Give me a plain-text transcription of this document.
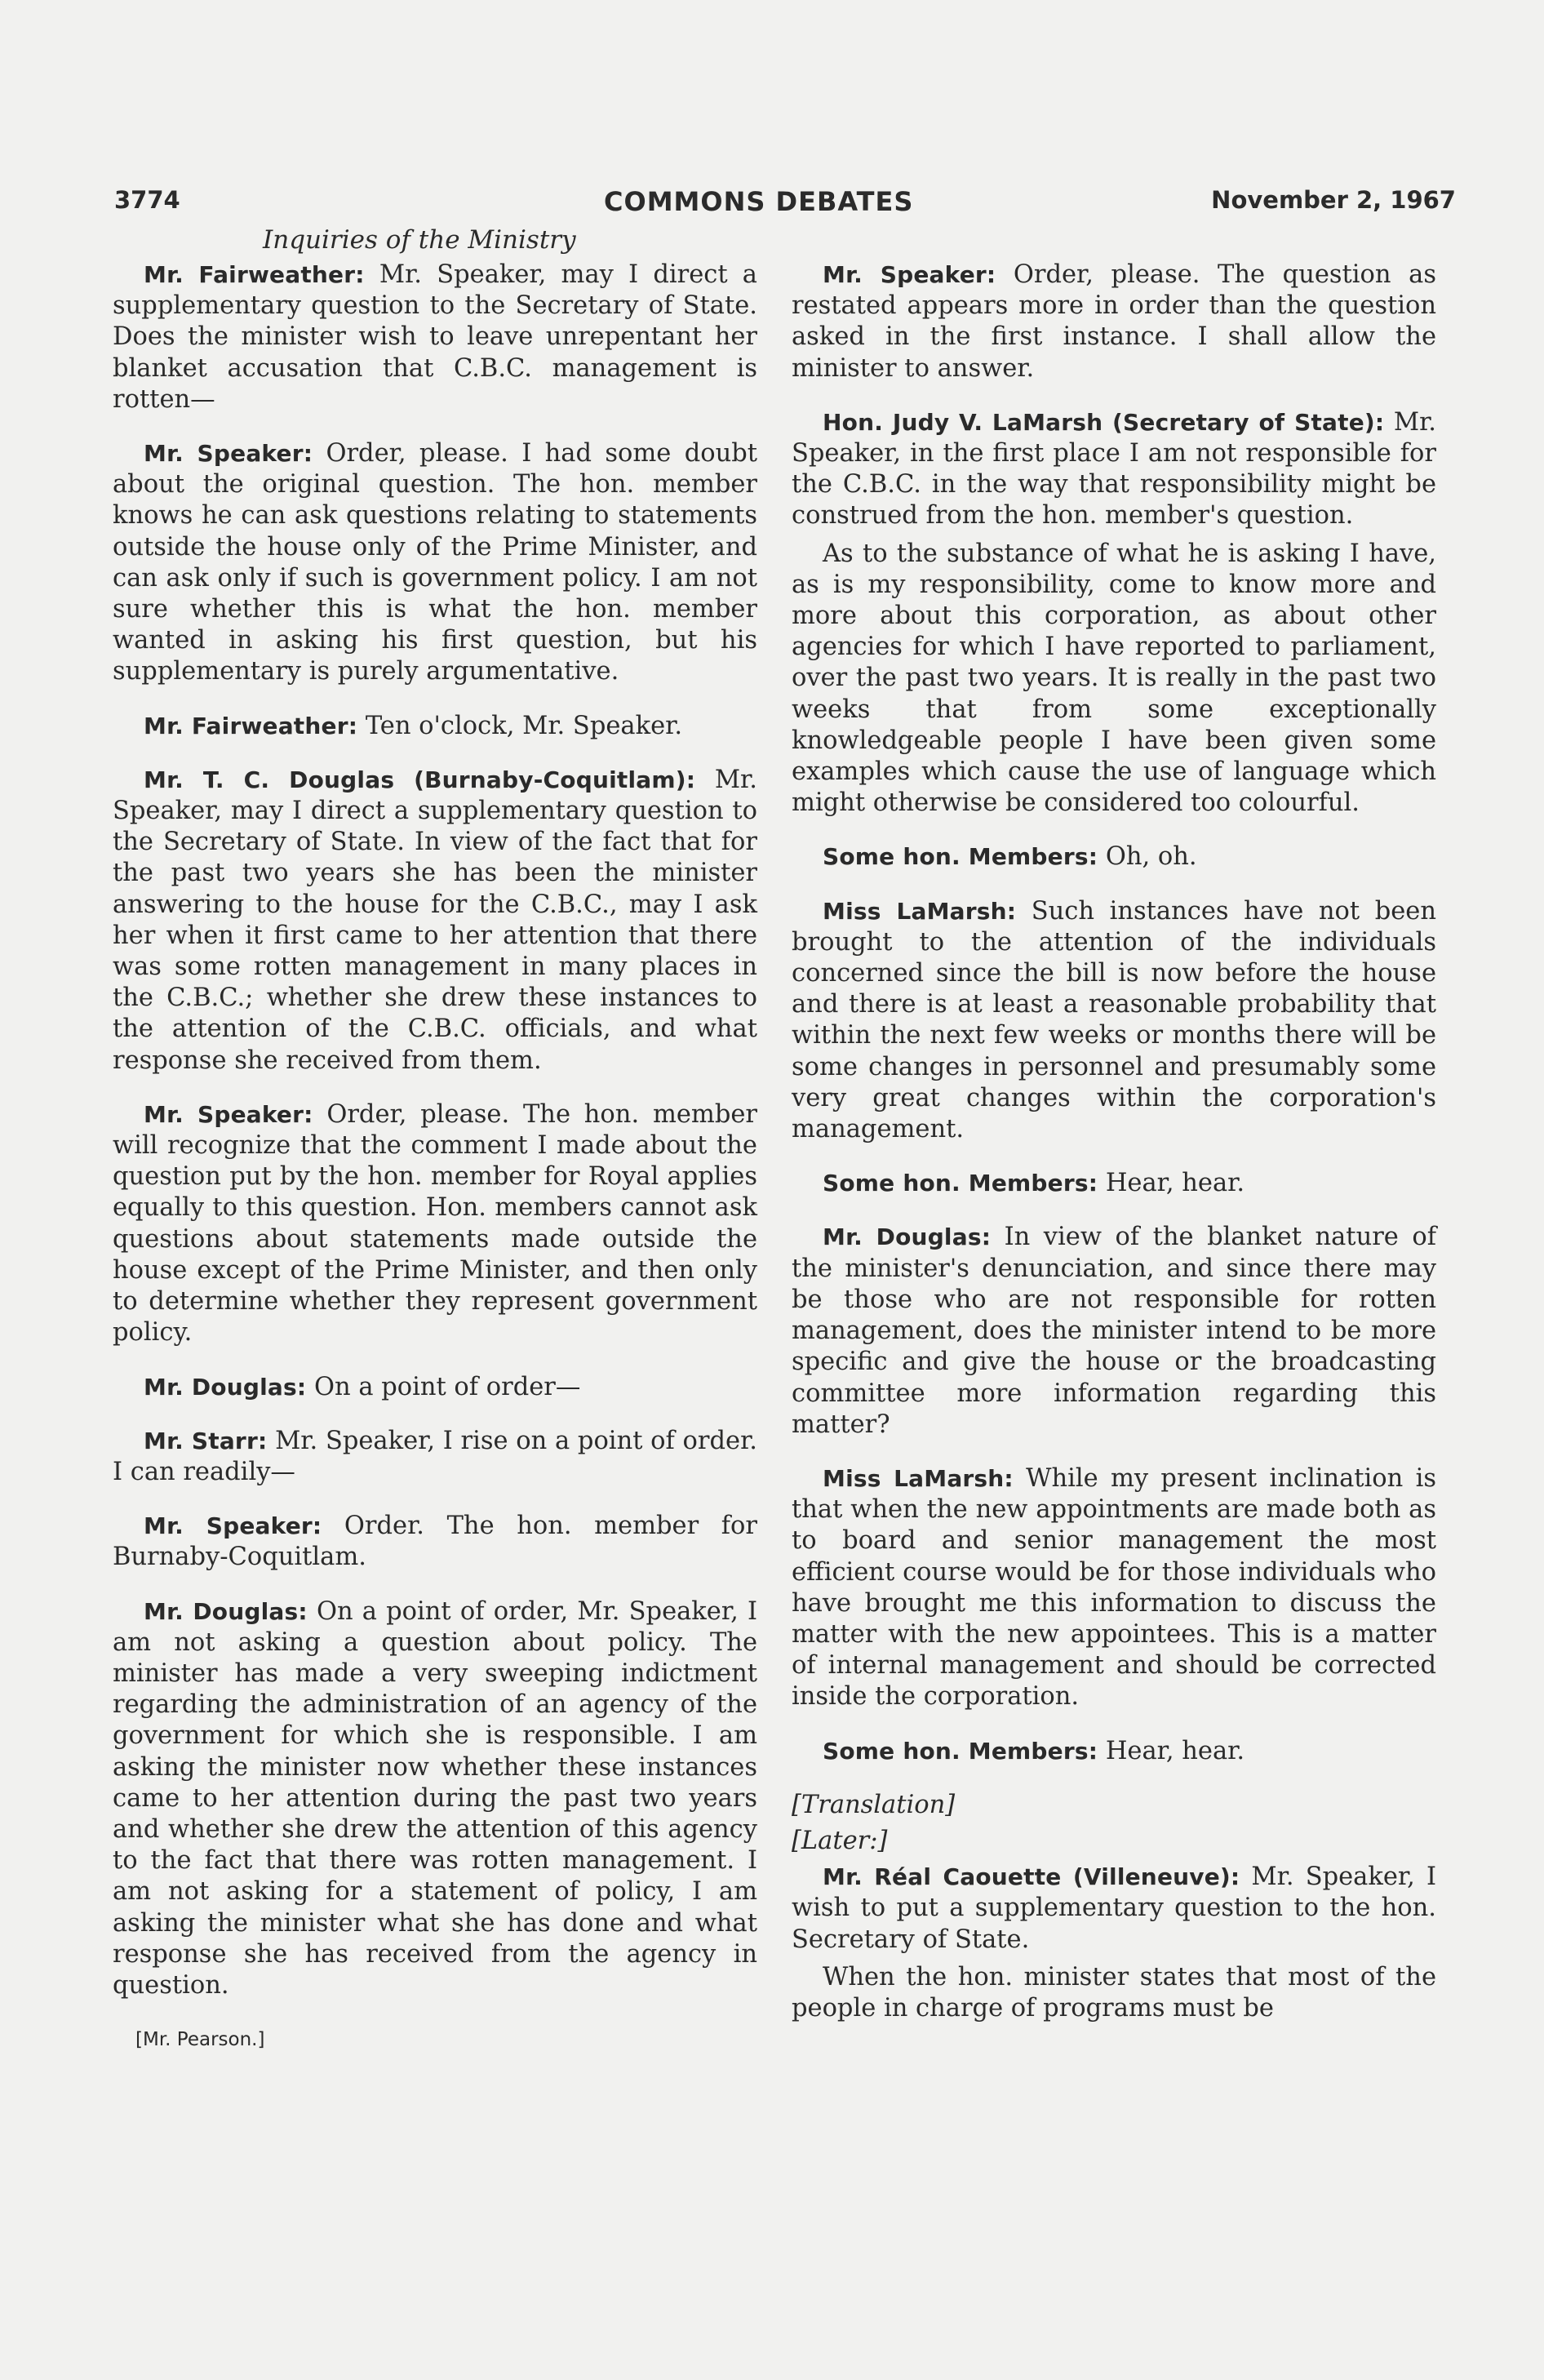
3774	COMMONS DEBATES	November 2, 1967
Inquiries of the Ministry

Mr. Fairweather: Mr. Speaker, may I direct a supplementary question to the Secretary of State. Does the minister wish to leave unrepentant her blanket accusation that C.B.C. management is rotten—

Mr. Speaker: Order, please. I had some doubt about the original question. The hon. member knows he can ask questions relating to statements outside the house only of the Prime Minister, and can ask only if such is government policy. I am not sure whether this is what the hon. member wanted in asking his first question, but his supplementary is purely argumentative.

Mr. Fairweather: Ten o'clock, Mr. Speaker.

Mr. T. C. Douglas (Burnaby-Coquitlam): Mr. Speaker, may I direct a supplementary question to the Secretary of State. In view of the fact that for the past two years she has been the minister answering to the house for the C.B.C., may I ask her when it first came to her attention that there was some rotten management in many places in the C.B.C.; whether she drew these instances to the attention of the C.B.C. officials, and what response she received from them.

Mr. Speaker: Order, please. The hon. member will recognize that the comment I made about the question put by the hon. member for Royal applies equally to this question. Hon. members cannot ask questions about statements made outside the house except of the Prime Minister, and then only to determine whether they represent government policy.

Mr. Douglas: On a point of order—

Mr. Starr: Mr. Speaker, I rise on a point of order. I can readily—

Mr. Speaker: Order. The hon. member for Burnaby-Coquitlam.

Mr. Douglas: On a point of order, Mr. Speaker, I am not asking a question about policy. The minister has made a very sweeping indictment regarding the administration of an agency of the government for which she is responsible. I am asking the minister now whether these instances came to her attention during the past two years and whether she drew the attention of this agency to the fact that there was rotten management. I am not asking for a statement of policy, I am asking the minister what she has done and what response she has received from the agency in question.

[Mr. Pearson.]

Mr. Speaker: Order, please. The question as restated appears more in order than the question asked in the first instance. I shall allow the minister to answer.

Hon. Judy V. LaMarsh (Secretary of State): Mr. Speaker, in the first place I am not responsible for the C.B.C. in the way that responsibility might be construed from the hon. member's question.

As to the substance of what he is asking I have, as is my responsibility, come to know more and more about this corporation, as about other agencies for which I have reported to parliament, over the past two years. It is really in the past two weeks that from some exceptionally knowledgeable people I have been given some examples which cause the use of language which might otherwise be considered too colourful.

Some hon. Members: Oh, oh.

Miss LaMarsh: Such instances have not been brought to the attention of the individuals concerned since the bill is now before the house and there is at least a reasonable probability that within the next few weeks or months there will be some changes in personnel and presumably some very great changes within the corporation's management.

Some hon. Members: Hear, hear.

Mr. Douglas: In view of the blanket nature of the minister's denunciation, and since there may be those who are not responsible for rotten management, does the minister intend to be more specific and give the house or the broadcasting committee more information regarding this matter?

Miss LaMarsh: While my present inclination is that when the new appointments are made both as to board and senior management the most efficient course would be for those individuals who have brought me this information to discuss the matter with the new appointees. This is a matter of internal management and should be corrected inside the corporation.

Some hon. Members: Hear, hear.

[Translation]
[Later:]

Mr. Réal Caouette (Villeneuve): Mr. Speaker, I wish to put a supplementary question to the hon. Secretary of State.

When the hon. minister states that most of the people in charge of programs must be
